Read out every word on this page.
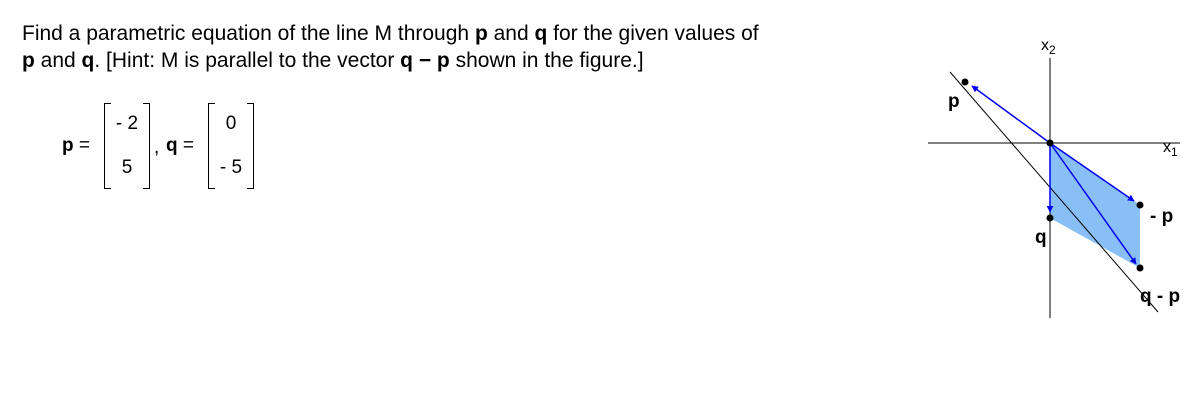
Find a parametric equation of the line M through p and q for the given values of
p and q. [Hint: M is parallel to the vector q − p shown in the figure.]
p =
- 2
5
, q =
0
- 5
$x_2$
$x_1$
p
q
- p
q - p
